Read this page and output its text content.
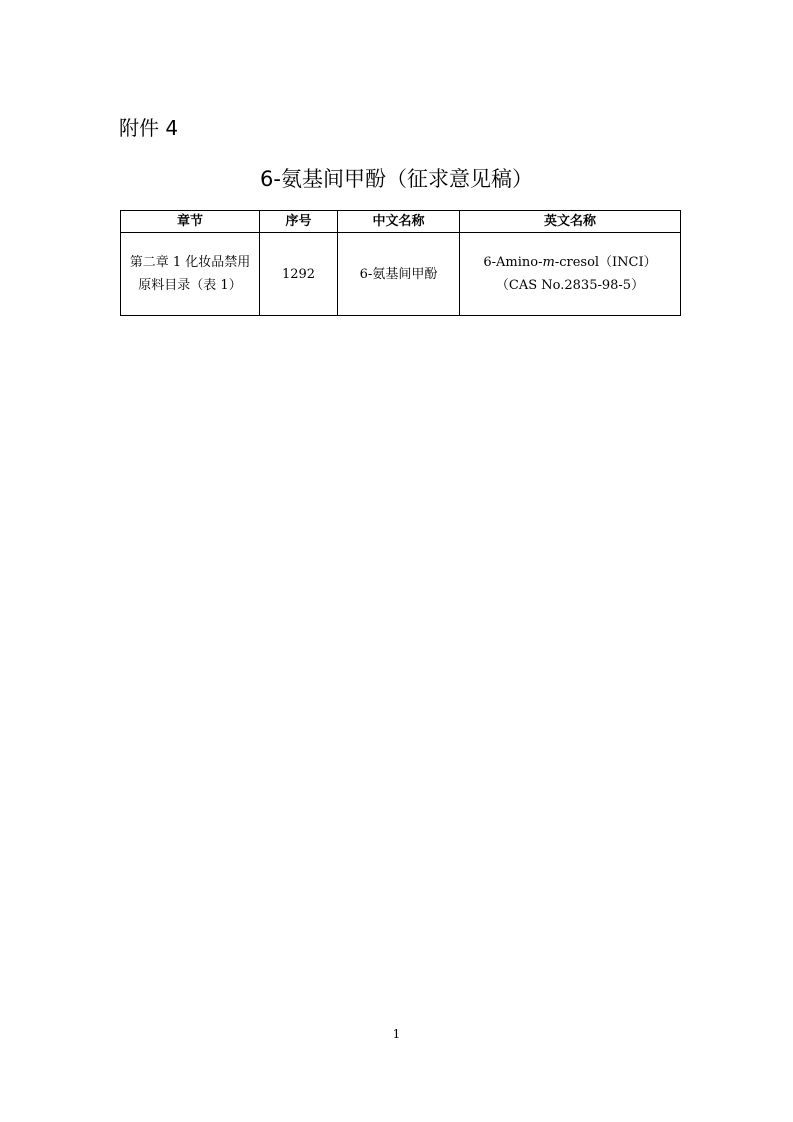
附件 4
6-氨基间甲酚（征求意见稿）
章节	序号	中文名称	英文名称
第二章 1 化妆品禁用原料目录（表 1）	1292	6-氨基间甲酚	6-Amino-m-cresol（INCI）（CAS No.2835-98-5）
1
